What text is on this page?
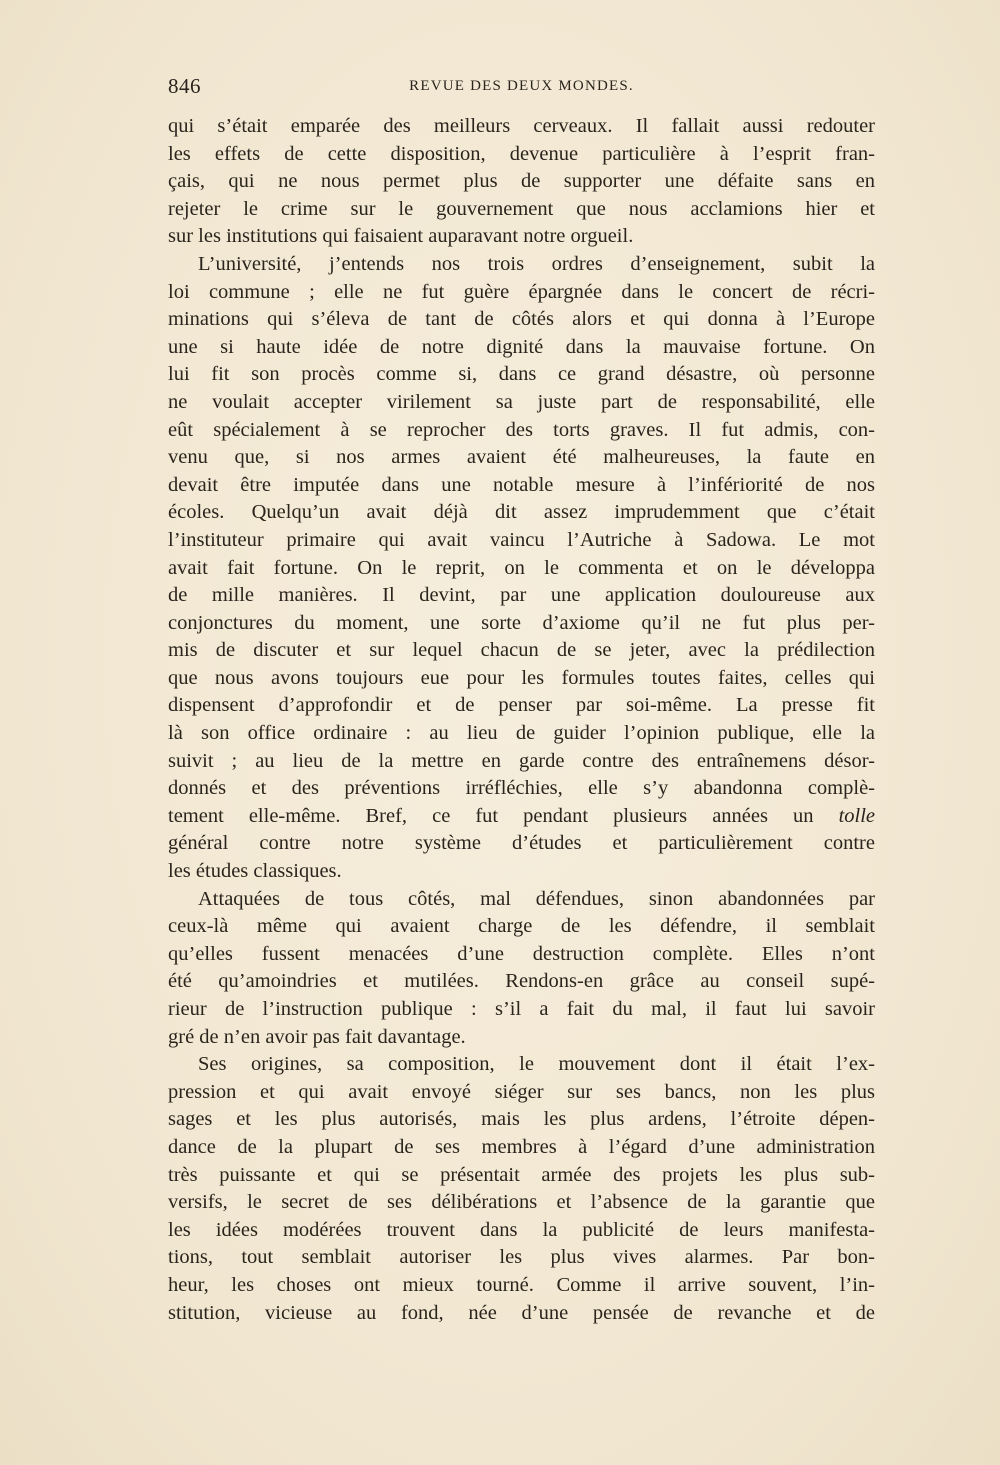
846	REVUE DES DEUX MONDES.
qui s’était emparée des meilleurs cerveaux. Il fallait aussi redouter
les effets de cette disposition, devenue particulière à l’esprit fran-
çais, qui ne nous permet plus de supporter une défaite sans en
rejeter le crime sur le gouvernement que nous acclamions hier et
sur les institutions qui faisaient auparavant notre orgueil.
L’université, j’entends nos trois ordres d’enseignement, subit la
loi commune ; elle ne fut guère épargnée dans le concert de récri-
minations qui s’éleva de tant de côtés alors et qui donna à l’Europe
une si haute idée de notre dignité dans la mauvaise fortune. On
lui fit son procès comme si, dans ce grand désastre, où personne
ne voulait accepter virilement sa juste part de responsabilité, elle
eût spécialement à se reprocher des torts graves. Il fut admis, con-
venu que, si nos armes avaient été malheureuses, la faute en
devait être imputée dans une notable mesure à l’infériorité de nos
écoles. Quelqu’un avait déjà dit assez imprudemment que c’était
l’instituteur primaire qui avait vaincu l’Autriche à Sadowa. Le mot
avait fait fortune. On le reprit, on le commenta et on le développa
de mille manières. Il devint, par une application douloureuse aux
conjonctures du moment, une sorte d’axiome qu’il ne fut plus per-
mis de discuter et sur lequel chacun de se jeter, avec la prédilection
que nous avons toujours eue pour les formules toutes faites, celles qui
dispensent d’approfondir et de penser par soi-même. La presse fit
là son office ordinaire : au lieu de guider l’opinion publique, elle la
suivit ; au lieu de la mettre en garde contre des entraînemens désor-
donnés et des préventions irréfléchies, elle s’y abandonna complè-
tement elle-même. Bref, ce fut pendant plusieurs années un tolle
général contre notre système d’études et particulièrement contre
les études classiques.
Attaquées de tous côtés, mal défendues, sinon abandonnées par
ceux-là même qui avaient charge de les défendre, il semblait
qu’elles fussent menacées d’une destruction complète. Elles n’ont
été qu’amoindries et mutilées. Rendons-en grâce au conseil supé-
rieur de l’instruction publique : s’il a fait du mal, il faut lui savoir
gré de n’en avoir pas fait davantage.
Ses origines, sa composition, le mouvement dont il était l’ex-
pression et qui avait envoyé siéger sur ses bancs, non les plus
sages et les plus autorisés, mais les plus ardens, l’étroite dépen-
dance de la plupart de ses membres à l’égard d’une administration
très puissante et qui se présentait armée des projets les plus sub-
versifs, le secret de ses délibérations et l’absence de la garantie que
les idées modérées trouvent dans la publicité de leurs manifesta-
tions, tout semblait autoriser les plus vives alarmes. Par bon-
heur, les choses ont mieux tourné. Comme il arrive souvent, l’in-
stitution, vicieuse au fond, née d’une pensée de revanche et de
